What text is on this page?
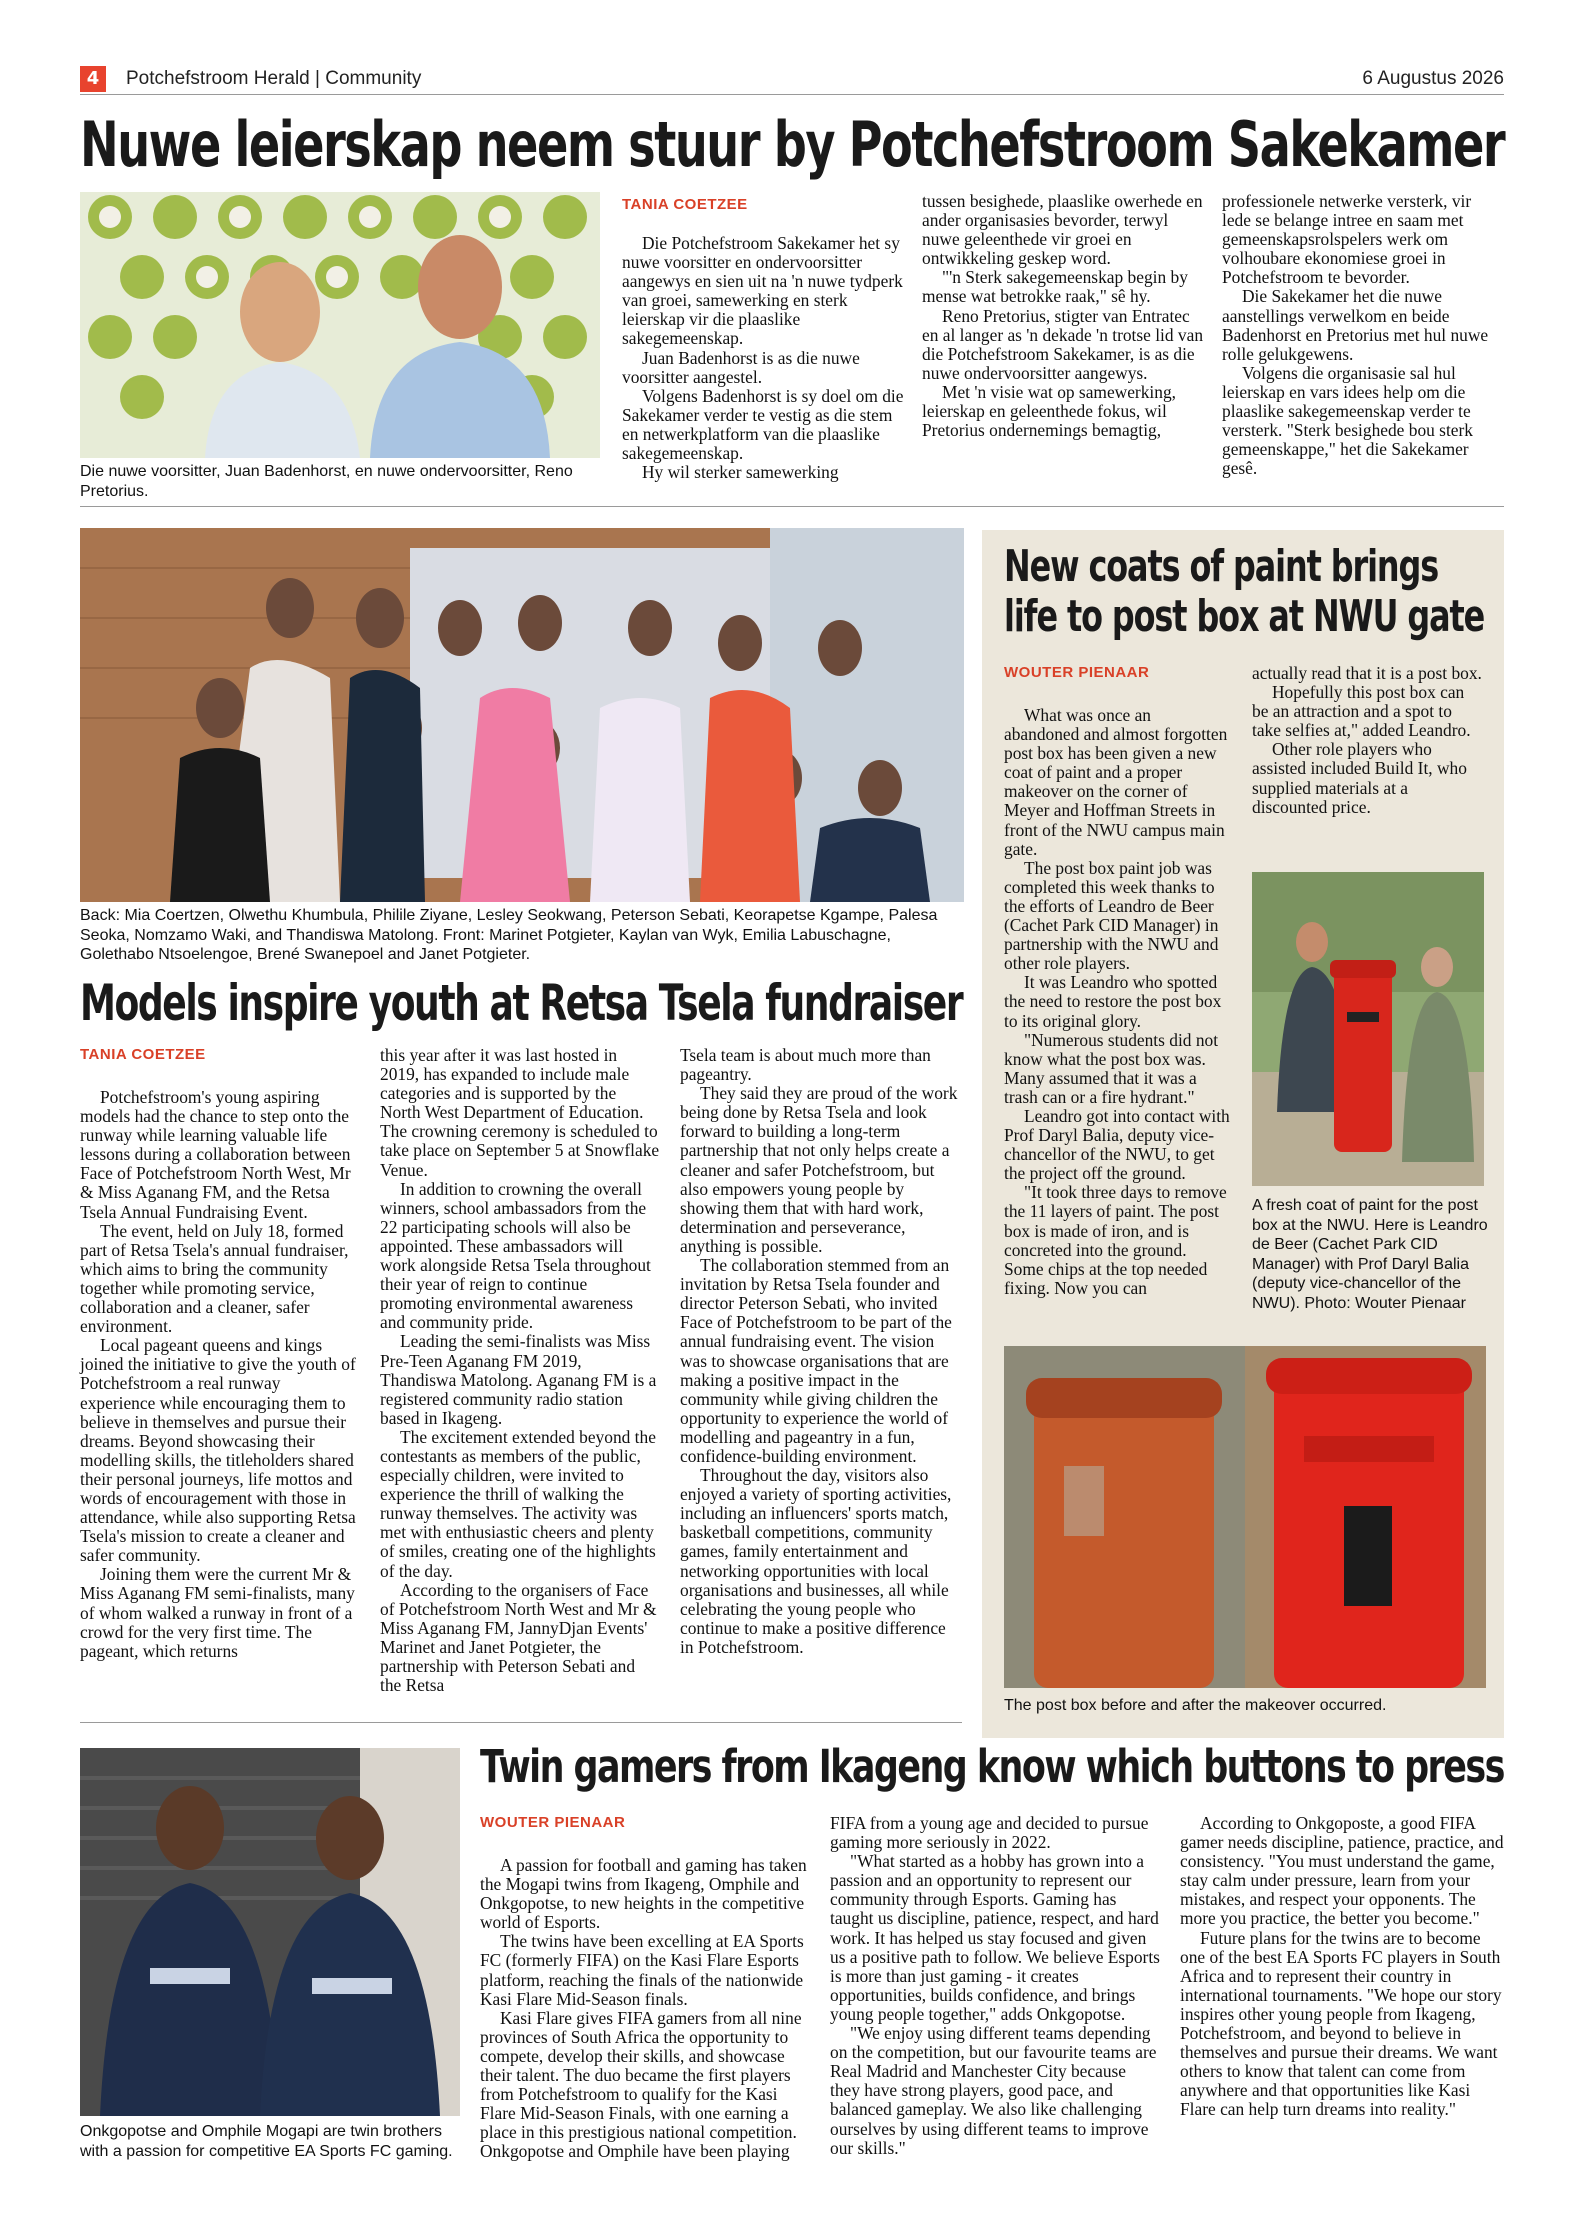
4	Potchefstroom Herald | Community	6 Augustus 2026
Nuwe leierskap neem stuur by Potchefstroom Sakekamer
Die nuwe voorsitter, Juan Badenhorst, en nuwe ondervoorsitter, Reno Pretorius.
TANIA COETZEE

Die Potchefstroom Sakekamer het sy nuwe voorsitter en ondervoorsitter aangewys en sien uit na 'n nuwe tydperk van groei, samewerking en sterk leierskap vir die plaaslike sakegemeenskap.

Juan Badenhorst is as die nuwe voorsitter aangestel.

Volgens Badenhorst is sy doel om die Sakekamer verder te vestig as die stem en netwerkplatform van die plaaslike sakegemeenskap.

Hy wil sterker samewerking

tussen besighede, plaaslike owerhede en ander organisasies bevorder, terwyl nuwe geleenthede vir groei en ontwikkeling geskep word.

"'n Sterk sakegemeenskap begin by mense wat betrokke raak," sê hy.

Reno Pretorius, stigter van Entratec en al langer as 'n dekade 'n trotse lid van die Potchefstroom Sakekamer, is as die nuwe ondervoorsitter aangewys.

Met 'n visie wat op samewerking, leierskap en geleenthede fokus, wil Pretorius ondernemings bemagtig,

professionele netwerke versterk, vir lede se belange intree en saam met gemeenskapsrolspelers werk om volhoubare ekonomiese groei in Potchefstroom te bevorder.

Die Sakekamer het die nuwe aanstellings verwelkom en beide Badenhorst en Pretorius met hul nuwe rolle gelukgewens.

Volgens die organisasie sal hul leierskap en vars idees help om die plaaslike sakegemeenskap verder te versterk. "Sterk besighede bou sterk gemeenskappe," het die Sakekamer gesê.

Back: Mia Coertzen, Olwethu Khumbula, Philile Ziyane, Lesley Seokwang, Peterson Sebati, Keorapetse Kgampe, Palesa Seoka, Nomzamo Waki, and Thandiswa Matolong. Front: Marinet Potgieter, Kaylan van Wyk, Emilia Labuschagne, Golethabo Ntsoelengoe, Brené Swanepoel and Janet Potgieter.
Models inspire youth at Retsa Tsela fundraiser
TANIA COETZEE

Potchefstroom's young aspiring models had the chance to step onto the runway while learning valuable life lessons during a collaboration between Face of Potchefstroom North West, Mr & Miss Aganang FM, and the Retsa Tsela Annual Fundraising Event.

The event, held on July 18, formed part of Retsa Tsela's annual fundraiser, which aims to bring the community together while promoting service, collaboration and a cleaner, safer environment.

Local pageant queens and kings joined the initiative to give the youth of Potchefstroom a real runway experience while encouraging them to believe in themselves and pursue their dreams. Beyond showcasing their modelling skills, the titleholders shared their personal journeys, life mottos and words of encouragement with those in attendance, while also supporting Retsa Tsela's mission to create a cleaner and safer community.

Joining them were the current Mr & Miss Aganang FM semi-finalists, many of whom walked a runway in front of a crowd for the very first time. The pageant, which returns

this year after it was last hosted in 2019, has expanded to include male categories and is supported by the North West Department of Education. The crowning ceremony is scheduled to take place on September 5 at Snowflake Venue.

In addition to crowning the overall winners, school ambassadors from the 22 participating schools will also be appointed. These ambassadors will work alongside Retsa Tsela throughout their year of reign to continue promoting environmental awareness and community pride.

Leading the semi-finalists was Miss Pre-Teen Aganang FM 2019, Thandiswa Matolong. Aganang FM is a registered community radio station based in Ikageng.

The excitement extended beyond the contestants as members of the public, especially children, were invited to experience the thrill of walking the runway themselves. The activity was met with enthusiastic cheers and plenty of smiles, creating one of the highlights of the day.

According to the organisers of Face of Potchefstroom North West and Mr & Miss Aganang FM, JannyDjan Events' Marinet and Janet Potgieter, the partnership with Peterson Sebati and the Retsa

Tsela team is about much more than pageantry.

They said they are proud of the work being done by Retsa Tsela and look forward to building a long-term partnership that not only helps create a cleaner and safer Potchefstroom, but also empowers young people by showing them that with hard work, determination and perseverance, anything is possible.

The collaboration stemmed from an invitation by Retsa Tsela founder and director Peterson Sebati, who invited Face of Potchefstroom to be part of the annual fundraising event. The vision was to showcase organisations that are making a positive impact in the community while giving children the opportunity to experience the world of modelling and pageantry in a fun, confidence-building environment.

Throughout the day, visitors also enjoyed a variety of sporting activities, including an influencers' sports match, basketball competitions, community games, family entertainment and networking opportunities with local organisations and businesses, all while celebrating the young people who continue to make a positive difference in Potchefstroom.

New coats of paint brings
life to post box at NWU gate
WOUTER PIENAAR

What was once an abandoned and almost forgotten post box has been given a new coat of paint and a proper makeover on the corner of Meyer and Hoffman Streets in front of the NWU campus main gate.

The post box paint job was completed this week thanks to the efforts of Leandro de Beer (Cachet Park CID Manager) in partnership with the NWU and other role players.

It was Leandro who spotted the need to restore the post box to its original glory.

"Numerous students did not know what the post box was. Many assumed that it was a trash can or a fire hydrant."

Leandro got into contact with Prof Daryl Balia, deputy vice-chancellor of the NWU, to get the project off the ground.

"It took three days to remove the 11 layers of paint. The post box is made of iron, and is concreted into the ground. Some chips at the top needed fixing. Now you can

actually read that it is a post box.

Hopefully this post box can be an attraction and a spot to take selfies at," added Leandro.

Other role players who assisted included Build It, who supplied materials at a discounted price.

A fresh coat of paint for the post box at the NWU. Here is Leandro de Beer (Cachet Park CID Manager) with Prof Daryl Balia (deputy vice-chancellor of the NWU). Photo: Wouter Pienaar
The post box before and after the makeover occurred.
Onkgopotse and Omphile Mogapi are twin brothers with a passion for competitive EA Sports FC gaming.
Twin gamers from Ikageng know which buttons to press
WOUTER PIENAAR

A passion for football and gaming has taken the Mogapi twins from Ikageng, Omphile and Onkgopotse, to new heights in the competitive world of Esports.

The twins have been excelling at EA Sports FC (formerly FIFA) on the Kasi Flare Esports platform, reaching the finals of the nationwide Kasi Flare Mid-Season finals.

Kasi Flare gives FIFA gamers from all nine provinces of South Africa the opportunity to compete, develop their skills, and showcase their talent. The duo became the first players from Potchefstroom to qualify for the Kasi Flare Mid-Season Finals, with one earning a place in this prestigious national competition. Onkgopotse and Omphile have been playing

FIFA from a young age and decided to pursue gaming more seriously in 2022.

"What started as a hobby has grown into a passion and an opportunity to represent our community through Esports. Gaming has taught us discipline, patience, respect, and hard work. It has helped us stay focused and given us a positive path to follow. We believe Esports is more than just gaming - it creates opportunities, builds confidence, and brings young people together," adds Onkgopotse.

"We enjoy using different teams depending on the competition, but our favourite teams are Real Madrid and Manchester City because they have strong players, good pace, and balanced gameplay. We also like challenging ourselves by using different teams to improve our skills."

According to Onkgoposte, a good FIFA gamer needs discipline, patience, practice, and consistency. "You must understand the game, stay calm under pressure, learn from your mistakes, and respect your opponents. The more you practice, the better you become."

Future plans for the twins are to become one of the best EA Sports FC players in South Africa and to represent their country in international tournaments. "We hope our story inspires other young people from Ikageng, Potchefstroom, and beyond to believe in themselves and pursue their dreams. We want others to know that talent can come from anywhere and that opportunities like Kasi Flare can help turn dreams into reality."
